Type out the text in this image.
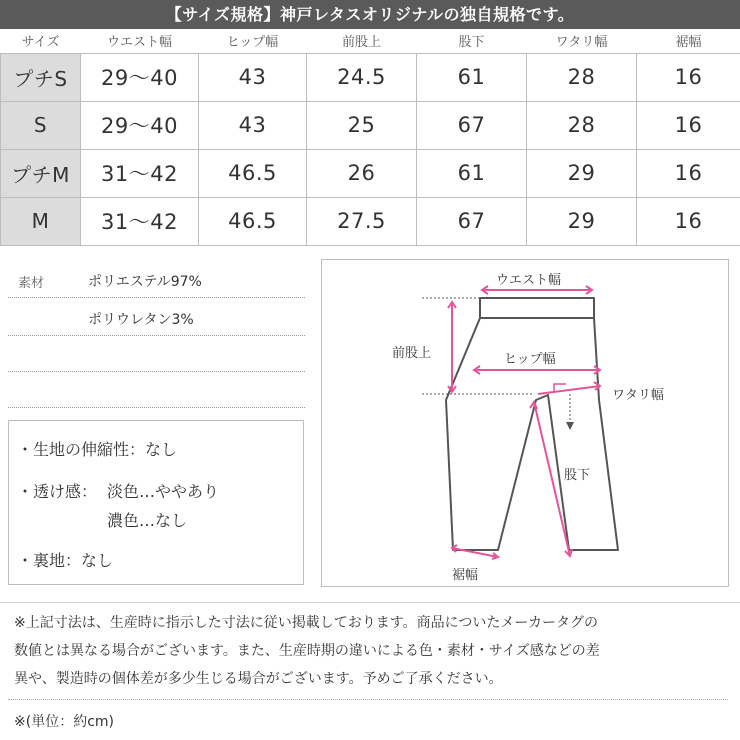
【サイズ規格】神戸レタスオリジナルの独自規格です。
サイズ	ウエスト幅	ヒップ幅	前股上	股下	ワタリ幅	裾幅
プチS	29〜40	43	24.5	61	28	16
S	29〜40	43	25	67	28	16
プチM	31〜42	46.5	26	61	29	16
M	31〜42	46.5	27.5	67	29	16
素材	ポリエステル97%
ポリウレタン3%
・生地の伸縮性：なし
・透け感： 淡色…ややあり
濃色…なし
・裏地：なし
ウエスト幅
前股上	ヒップ幅
ワタリ幅
股下
裾幅
※上記寸法は、生産時に指示した寸法に従い掲載しております。商品についたメーカータグの
数値とは異なる場合がございます。また、生産時期の違いによる色・素材・サイズ感などの差
異や、製造時の個体差が多少生じる場合がございます。予めご了承ください。
※(単位：約cm)
